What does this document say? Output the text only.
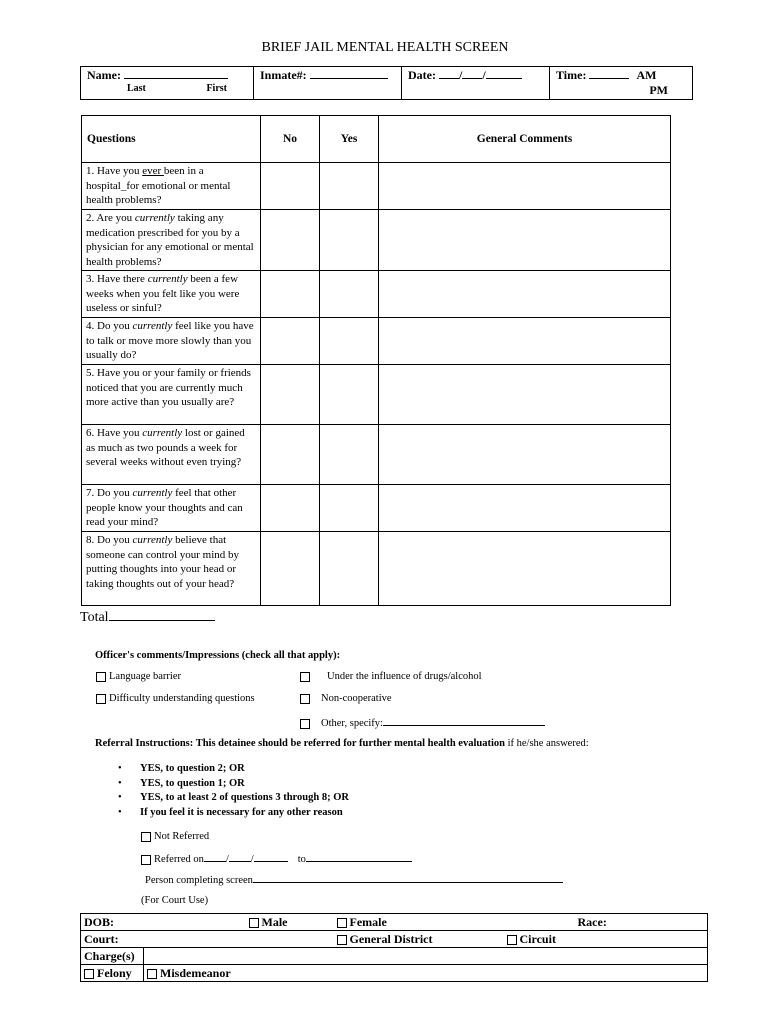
BRIEF JAIL MENTAL HEALTH SCREEN
Name:
Last	First
	Inmate#:	Date: / /	Time:	AM
PM
Questions	No	Yes	General Comments
1. Have you ever been in a hospital_for emotional or mental health problems?			
2. Are you currently taking any medication prescribed for you by a physician for any emotional or mental health problems?			
3. Have there currently been a few weeks when you felt like you were useless or sinful?			
4. Do you currently feel like you have to talk or move more slowly than you usually do?			
5. Have you or your family or friends noticed that you are currently much more active than you usually are?			
6. Have you currently lost or gained as much as two pounds a week for several weeks without even trying?			
7. Do you currently feel that other people know your thoughts and can read your mind?			
8. Do you currently believe that someone can control your mind by putting thoughts into your head or taking thoughts out of your head?			
Total
Officer's comments/Impressions (check all that apply):
Language barrier	Under the influence of drugs/alcohol
Difficulty understanding questions	Non-cooperative
Other, specify:
Referral Instructions: This detainee should be referred for further mental health evaluation if he/she answered:
• YES, to question 2; OR
• YES, to question 1; OR
• YES, to at least 2 of questions 3 through 8; OR
• If you feel it is necessary for any other reason
Not Referred
Referred on / /	to
Person completing screen
(For Court Use)
DOB: Male Female Race:	

Court: General District Circuit	

Charge(s)	
Felony	Misdemeanor
